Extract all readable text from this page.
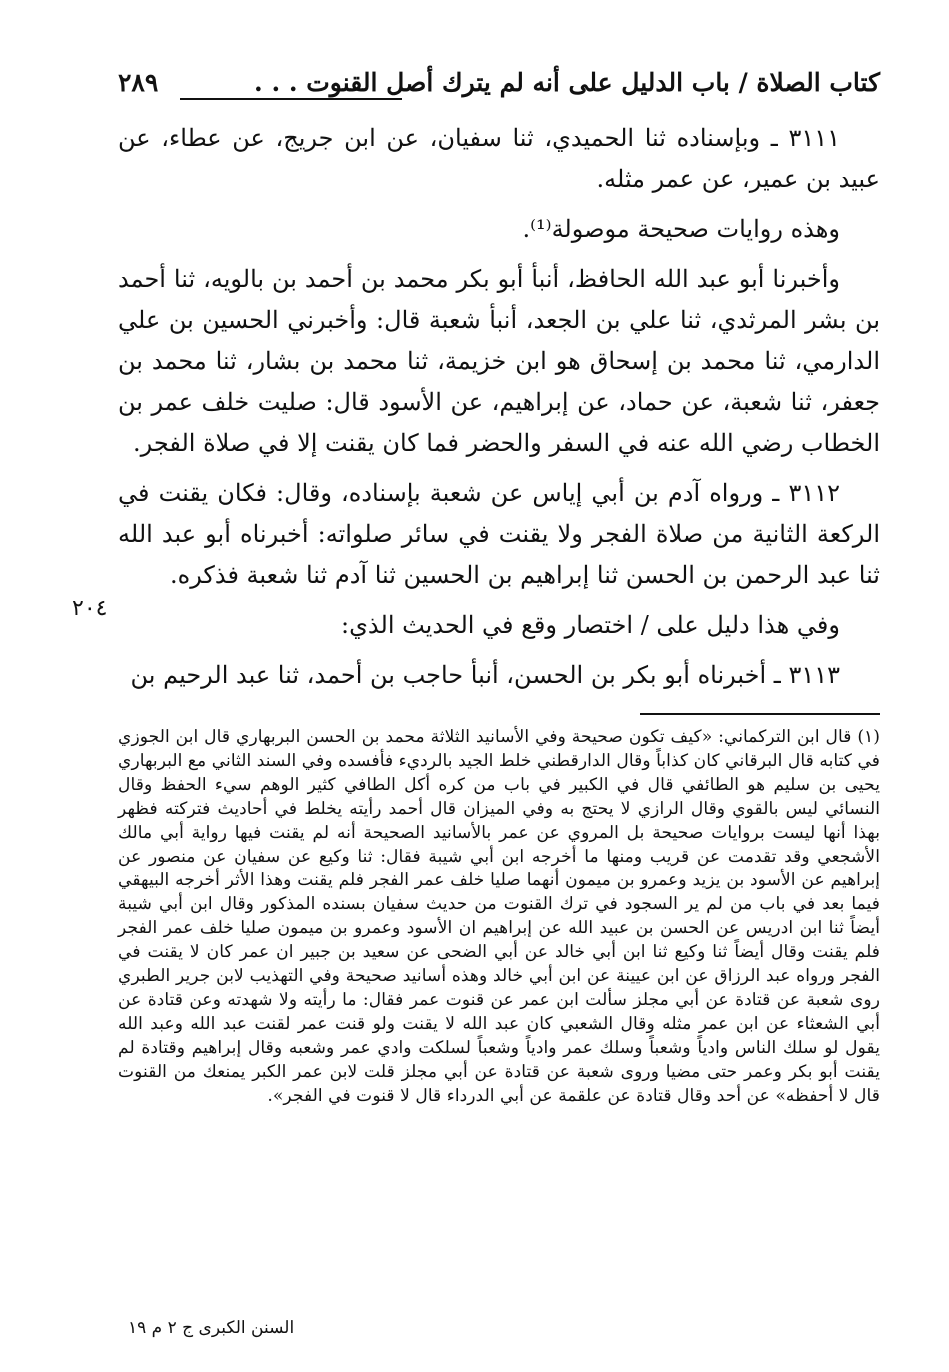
كتاب الصلاة / باب الدليل على أنه لم يترك أصل القنوت . . .
٢٨٩

٣١١١ ـ وبإسناده ثنا الحميدي، ثنا سفيان، عن ابن جريج، عن عطاء، عن عبيد بن عمير، عن عمر مثله.

وهذه روايات صحيحة موصولة⁽¹⁾.

وأخبرنا أبو عبد الله الحافظ، أنبأ أبو بكر محمد بن أحمد بن بالويه، ثنا أحمد بن بشر المرثدي، ثنا علي بن الجعد، أنبأ شعبة قال: وأخبرني الحسين بن علي الدارمي، ثنا محمد بن إسحاق هو ابن خزيمة، ثنا محمد بن بشار، ثنا محمد بن جعفر، ثنا شعبة، عن حماد، عن إبراهيم، عن الأسود قال: صليت خلف عمر بن الخطاب رضي الله عنه في السفر والحضر فما كان يقنت إلا في صلاة الفجر.

٣١١٢ ـ ورواه آدم بن أبي إياس عن شعبة بإسناده، وقال: فكان يقنت في الركعة الثانية من صلاة الفجر ولا يقنت في سائر صلواته: أخبرناه أبو عبد الله ثنا عبد الرحمن بن الحسن ثنا إبراهيم بن الحسين ثنا آدم ثنا شعبة فذكره.

وفي هذا دليل على / اختصار وقع في الحديث الذي:

٣١١٣ ـ أخبرناه أبو بكر بن الحسن، أنبأ حاجب بن أحمد، ثنا عبد الرحيم بن

٢٠٤

(١) قال ابن التركماني: «كيف تكون صحيحة وفي الأسانيد الثلاثة محمد بن الحسن البربهاري قال ابن الجوزي في كتابه قال البرقاني كان كذاباً وقال الدارقطني خلط الجيد بالرديء فأفسده وفي السند الثاني مع البربهاري يحيى بن سليم هو الطائفي قال في الكبير في باب من كره أكل الطافي كثير الوهم سيء الحفظ وقال النسائي ليس بالقوي وقال الرازي لا يحتج به وفي الميزان قال أحمد رأيته يخلط في أحاديث فتركته فظهر بهذا أنها ليست بروايات صحيحة بل المروي عن عمر بالأسانيد الصحيحة أنه لم يقنت فيها رواية أبي مالك الأشجعي وقد تقدمت عن قريب ومنها ما أخرجه ابن أبي شيبة فقال: ثنا وكيع عن سفيان عن منصور عن إبراهيم عن الأسود بن يزيد وعمرو بن ميمون أنهما صليا خلف عمر الفجر فلم يقنت وهذا الأثر أخرجه البيهقي فيما بعد في باب من لم ير السجود في ترك القنوت من حديث سفيان بسنده المذكور وقال ابن أبي شيبة أيضاً ثنا ابن ادريس عن الحسن بن عبيد الله عن إبراهيم ان الأسود وعمرو بن ميمون صليا خلف عمر الفجر فلم يقنت وقال أيضاً ثنا وكيع ثنا ابن أبي خالد عن أبي الضحى عن سعيد بن جبير ان عمر كان لا يقنت في الفجر ورواه عبد الرزاق عن ابن عيينة عن ابن أبي خالد وهذه أسانيد صحيحة وفي التهذيب لابن جرير الطبري روى شعبة عن قتادة عن أبي مجلز سألت ابن عمر عن قنوت عمر فقال: ما رأيته ولا شهدته وعن قتادة عن أبي الشعثاء عن ابن عمر مثله وقال الشعبي كان عبد الله لا يقنت ولو قنت عمر لقنت عبد الله وعبد الله يقول لو سلك الناس وادياً وشعباً وسلك عمر وادياً وشعباً لسلكت وادي عمر وشعبه وقال إبراهيم وقتادة لم يقنت أبو بكر وعمر حتى مضيا وروى شعبة عن قتادة عن أبي مجلز قلت لابن عمر الكبر يمنعك من القنوت قال لا أحفظه» عن أحد وقال قتادة عن علقمة عن أبي الدرداء قال لا قنوت في الفجر».

السنن الكبرى ج ٢ م ١٩
